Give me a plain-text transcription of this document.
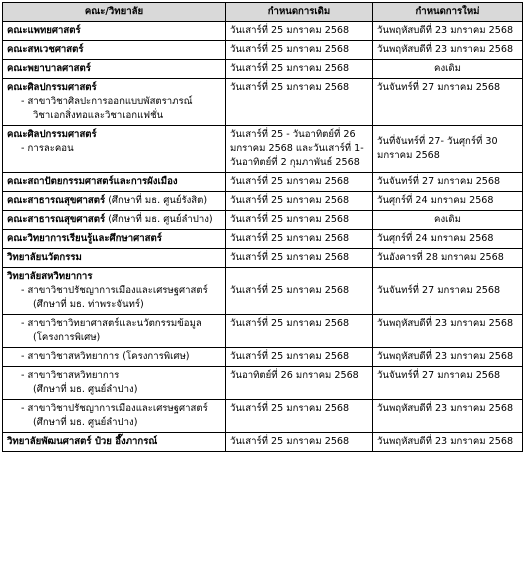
คณะ/วิทยาลัย	กำหนดการเดิม	กำหนดการใหม่
คณะแพทยศาสตร์	วันเสาร์ที่ 25 มกราคม 2568	วันพฤหัสบดีที่ 23 มกราคม 2568
คณะสหเวชศาสตร์	วันเสาร์ที่ 25 มกราคม 2568	วันพฤหัสบดีที่ 23 มกราคม 2568
คณะพยาบาลศาสตร์	วันเสาร์ที่ 25 มกราคม 2568	คงเดิม

คณะศิลปกรรมศาสตร์
- สาขาวิชาศิลปะการออกแบบพัสตราภรณ์
วิชาเอกสิ่งทอและวิชาเอกแฟชั่น	วันเสาร์ที่ 25 มกราคม 2568	วันจันทร์ที่ 27 มกราคม 2568

คณะศิลปกรรมศาสตร์
- การละคอน	วันเสาร์ที่ 25 - วันอาทิตย์ที่ 26 มกราคม 2568 และวันเสาร์ที่ 1- วันอาทิตย์ที่ 2 กุมภาพันธ์ 2568	วันที่จันทร์ที่ 27- วันศุกร์ที่ 30 มกราคม 2568
คณะสถาปัตยกรรมศาสตร์และการผังเมือง	วันเสาร์ที่ 25 มกราคม 2568	วันจันทร์ที่ 27 มกราคม 2568
คณะสาธารณสุขศาสตร์ (ศึกษาที่ มธ. ศูนย์รังสิต)	วันเสาร์ที่ 25 มกราคม 2568	วันศุกร์ที่ 24 มกราคม 2568
คณะสาธารณสุขศาสตร์ (ศึกษาที่ มธ. ศูนย์ลำปาง)	วันเสาร์ที่ 25 มกราคม 2568	คงเดิม
คณะวิทยาการเรียนรู้และศึกษาศาสตร์	วันเสาร์ที่ 25 มกราคม 2568	วันศุกร์ที่ 24 มกราคม 2568
วิทยาลัยนวัตกรรม	วันเสาร์ที่ 25 มกราคม 2568	วันอังคารที่ 28 มกราคม 2568

วิทยาลัยสหวิทยาการ
- สาขาวิชาปรัชญาการเมืองและเศรษฐศาสตร์
(ศึกษาที่ มธ. ท่าพระจันทร์)	วันเสาร์ที่ 25 มกราคม 2568	วันจันทร์ที่ 27 มกราคม 2568

- สาขาวิชาวิทยาศาสตร์และนวัตกรรมข้อมูล
(โครงการพิเศษ)	วันเสาร์ที่ 25 มกราคม 2568	วันพฤหัสบดีที่ 23 มกราคม 2568

- สาขาวิชาสหวิทยาการ (โครงการพิเศษ)	วันเสาร์ที่ 25 มกราคม 2568	วันพฤหัสบดีที่ 23 มกราคม 2568

- สาขาวิชาสหวิทยาการ
(ศึกษาที่ มธ. ศูนย์ลำปาง)	วันอาทิตย์ที่ 26 มกราคม 2568	วันจันทร์ที่ 27 มกราคม 2568

- สาขาวิชาปรัชญาการเมืองและเศรษฐศาสตร์
(ศึกษาที่ มธ. ศูนย์ลำปาง)	วันเสาร์ที่ 25 มกราคม 2568	วันพฤหัสบดีที่ 23 มกราคม 2568
วิทยาลัยพัฒนศาสตร์ ป๋วย อึ๊งภากรณ์	วันเสาร์ที่ 25 มกราคม 2568	วันพฤหัสบดีที่ 23 มกราคม 2568
